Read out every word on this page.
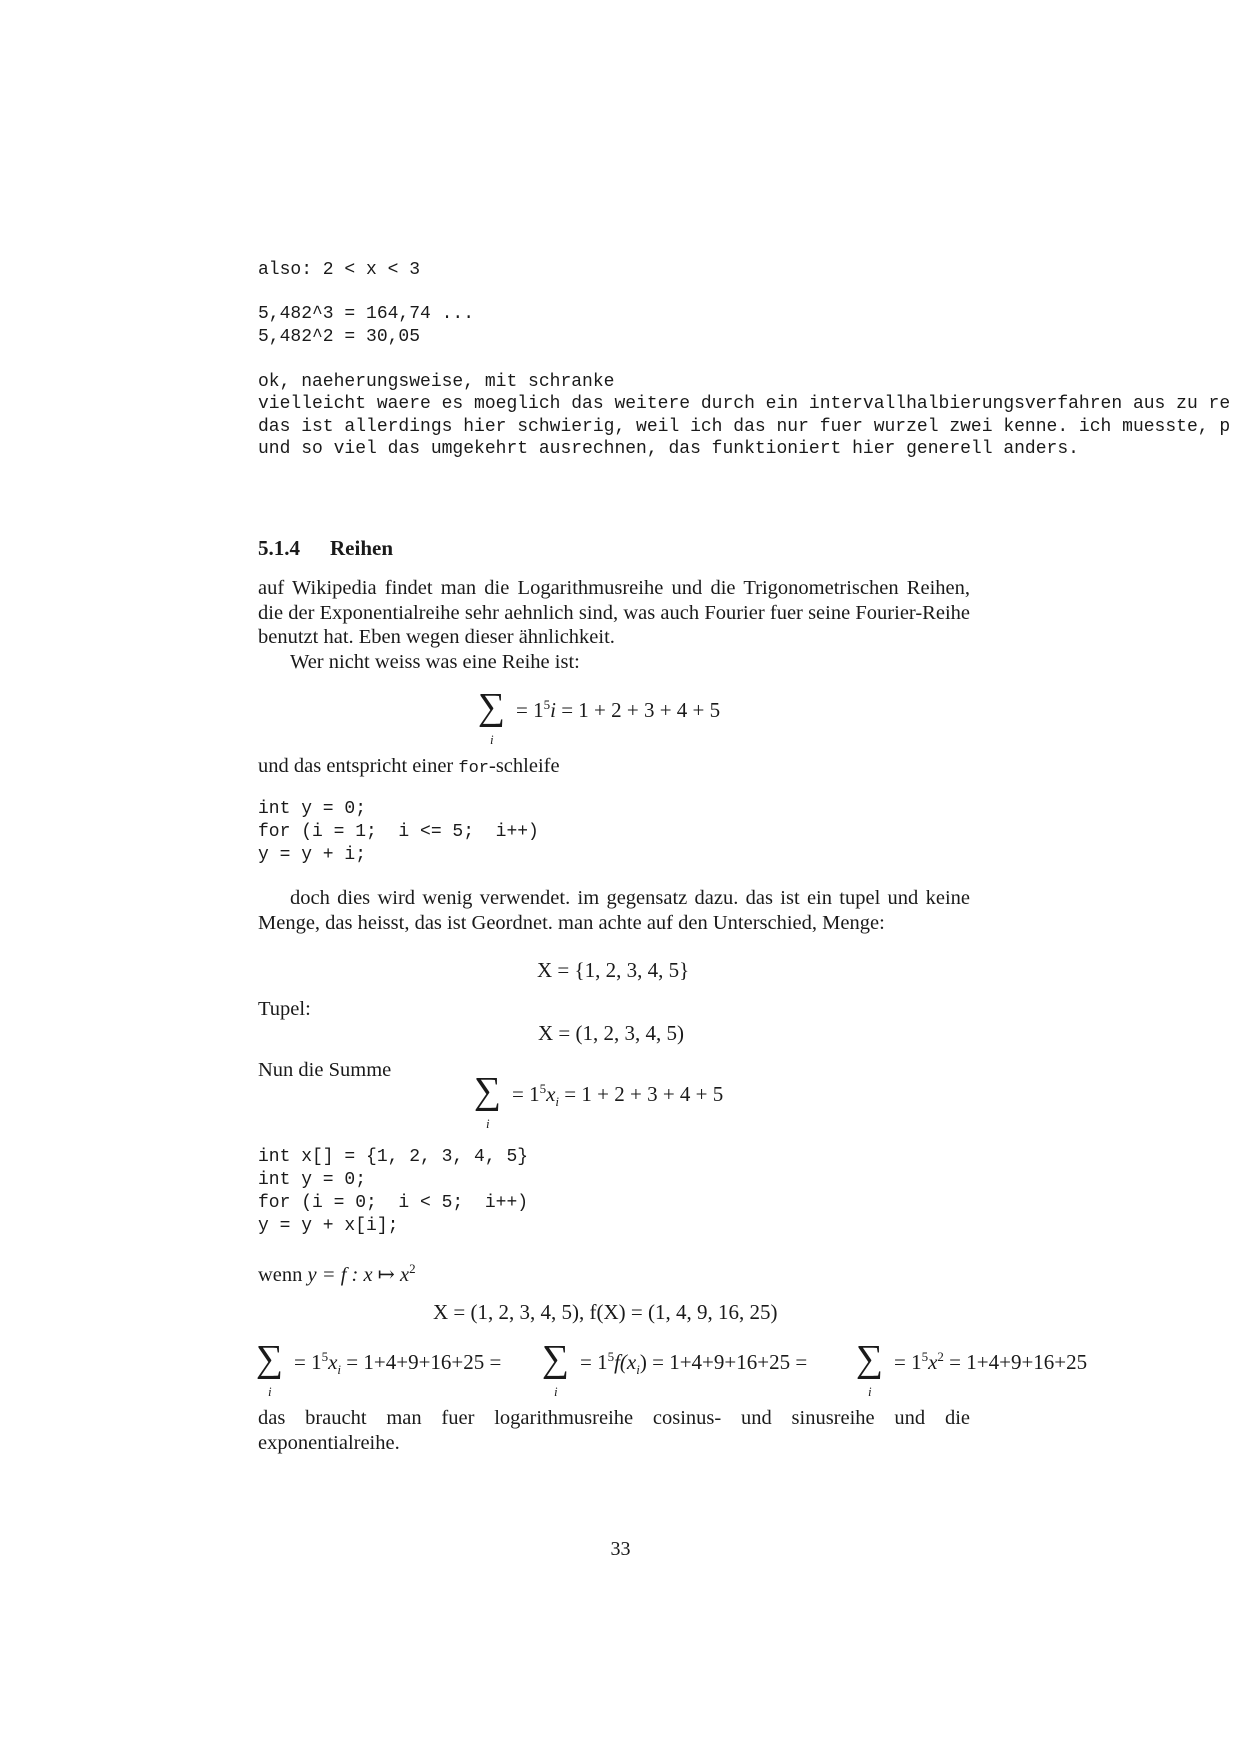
also: 2 < x < 3
5,482^3 = 164,74 ...
5,482^2 = 30,05
ok, naeherungsweise, mit schranke
vielleicht waere es moeglich das weitere durch ein intervallhalbierungsverfahren aus zu re
das ist allerdings hier schwierig, weil ich das nur fuer wurzel zwei kenne. ich muesste, p
und so viel das umgekehrt ausrechnen, das funktioniert hier generell anders.
5.1.4 Reihen
auf Wikipedia findet man die Logarithmusreihe und die Trigonometrischen Reihen, die der Exponentialreihe sehr aehnlich sind, was auch Fourier fuer seine Fourier-Reihe benutzt hat. Eben wegen dieser ähnlichkeit.
Wer nicht weiss was eine Reihe ist:
∑
i
= $1^5i = 1 + 2 + 3 + 4 + 5$
und das entspricht einer for-schleife
int y = 0;
for (i = 1;  i <= 5;  i++)
y = y + i;
doch dies wird wenig verwendet. im gegensatz dazu. das ist ein tupel und keine Menge, das heisst, das ist Geordnet. man achte auf den Unterschied, Menge:
X = {1, 2, 3, 4, 5}
Tupel:
X = (1, 2, 3, 4, 5)
Nun die Summe	∑
i
= $1^5x_i = 1 + 2 + 3 + 4 + 5$
int x[] = {1, 2, 3, 4, 5}
int y = 0;
for (i = 0;  i < 5;  i++)
y = y + x[i];
wenn y = f : x ↦ $x^2$
X = (1, 2, 3, 4, 5), f(X) = (1, 4, 9, 16, 25)
∑
i
= $1^5x_i = 1+4+9+16+25$ = ∑
i
= $1^5f(x_i) = 1+4+9+16+25$ = ∑
i
= $1^5x^2 = 1+4+9+16+25$
das braucht man fuer logarithmusreihe cosinus- und sinusreihe und die exponentialreihe.
33
